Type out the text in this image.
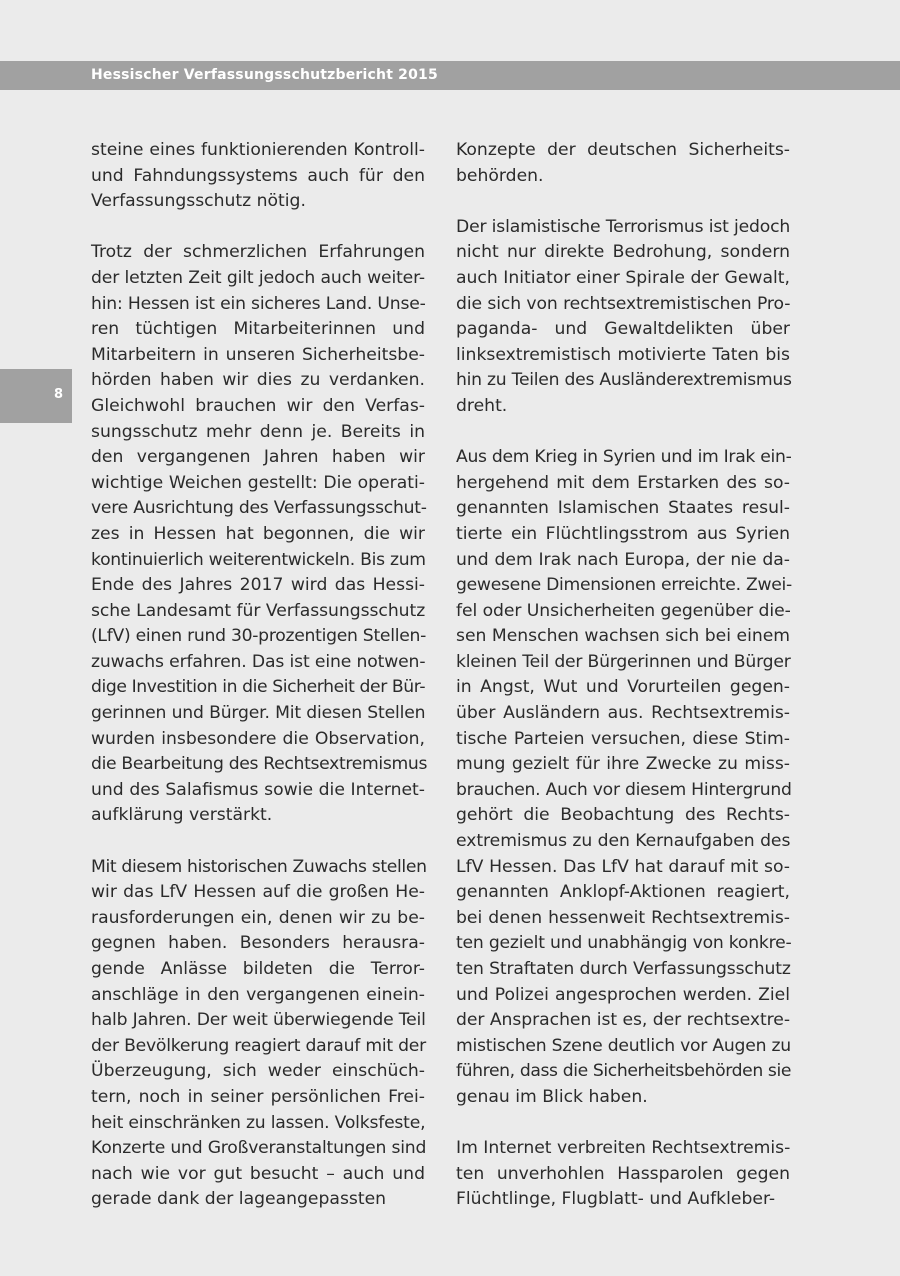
Hessischer Verfassungsschutzbericht 2015
8
steine eines funktionierenden Kontroll-
und Fahndungssystems auch für den
Verfassungsschutz nötig.
Trotz der schmerzlichen Erfahrungen
der letzten Zeit gilt jedoch auch weiter-
hin: Hessen ist ein sicheres Land. Unse-
ren tüchtigen Mitarbeiterinnen und
Mitarbeitern in unseren Sicherheitsbe-
hörden haben wir dies zu verdanken.
Gleichwohl brauchen wir den Verfas-
sungsschutz mehr denn je. Bereits in
den vergangenen Jahren haben wir
wichtige Weichen gestellt: Die operati-
vere Ausrichtung des Verfassungsschut-
zes in Hessen hat begonnen, die wir
kontinuierlich weiterentwickeln. Bis zum
Ende des Jahres 2017 wird das Hessi-
sche Landesamt für Verfassungsschutz
(LfV) einen rund 30-prozentigen Stellen-
zuwachs erfahren. Das ist eine notwen-
dige Investition in die Sicherheit der Bür-
gerinnen und Bürger. Mit diesen Stellen
wurden insbesondere die Observation,
die Bearbeitung des Rechtsextremismus
und des Salafismus sowie die Internet-
aufklärung verstärkt.
Mit diesem historischen Zuwachs stellen
wir das LfV Hessen auf die großen He-
rausforderungen ein, denen wir zu be-
gegnen haben. Besonders herausra-
gende Anlässe bildeten die Terror-
anschläge in den vergangenen einein-
halb Jahren. Der weit überwiegende Teil
der Bevölkerung reagiert darauf mit der
Überzeugung, sich weder einschüch-
tern, noch in seiner persönlichen Frei-
heit einschränken zu lassen. Volksfeste,
Konzerte und Großveranstaltungen sind
nach wie vor gut besucht – auch und
gerade dank der lageangepassten
Konzepte der deutschen Sicherheits-
behörden.
Der islamistische Terrorismus ist jedoch
nicht nur direkte Bedrohung, sondern
auch Initiator einer Spirale der Gewalt,
die sich von rechtsextremistischen Pro-
paganda- und Gewaltdelikten über
linksextremistisch motivierte Taten bis
hin zu Teilen des Ausländerextremismus
dreht.
Aus dem Krieg in Syrien und im Irak ein-
hergehend mit dem Erstarken des so-
genannten Islamischen Staates resul-
tierte ein Flüchtlingsstrom aus Syrien
und dem Irak nach Europa, der nie da-
gewesene Dimensionen erreichte. Zwei-
fel oder Unsicherheiten gegenüber die-
sen Menschen wachsen sich bei einem
kleinen Teil der Bürgerinnen und Bürger
in Angst, Wut und Vorurteilen gegen-
über Ausländern aus. Rechtsextremis-
tische Parteien versuchen, diese Stim-
mung gezielt für ihre Zwecke zu miss-
brauchen. Auch vor diesem Hintergrund
gehört die Beobachtung des Rechts-
extremismus zu den Kernaufgaben des
LfV Hessen. Das LfV hat darauf mit so-
genannten Anklopf-Aktionen reagiert,
bei denen hessenweit Rechtsextremis-
ten gezielt und unabhängig von konkre-
ten Straftaten durch Verfassungsschutz
und Polizei angesprochen werden. Ziel
der Ansprachen ist es, der rechtsextre-
mistischen Szene deutlich vor Augen zu
führen, dass die Sicherheitsbehörden sie
genau im Blick haben.
Im Internet verbreiten Rechtsextremis-
ten unverhohlen Hassparolen gegen
Flüchtlinge, Flugblatt- und Aufkleber-
